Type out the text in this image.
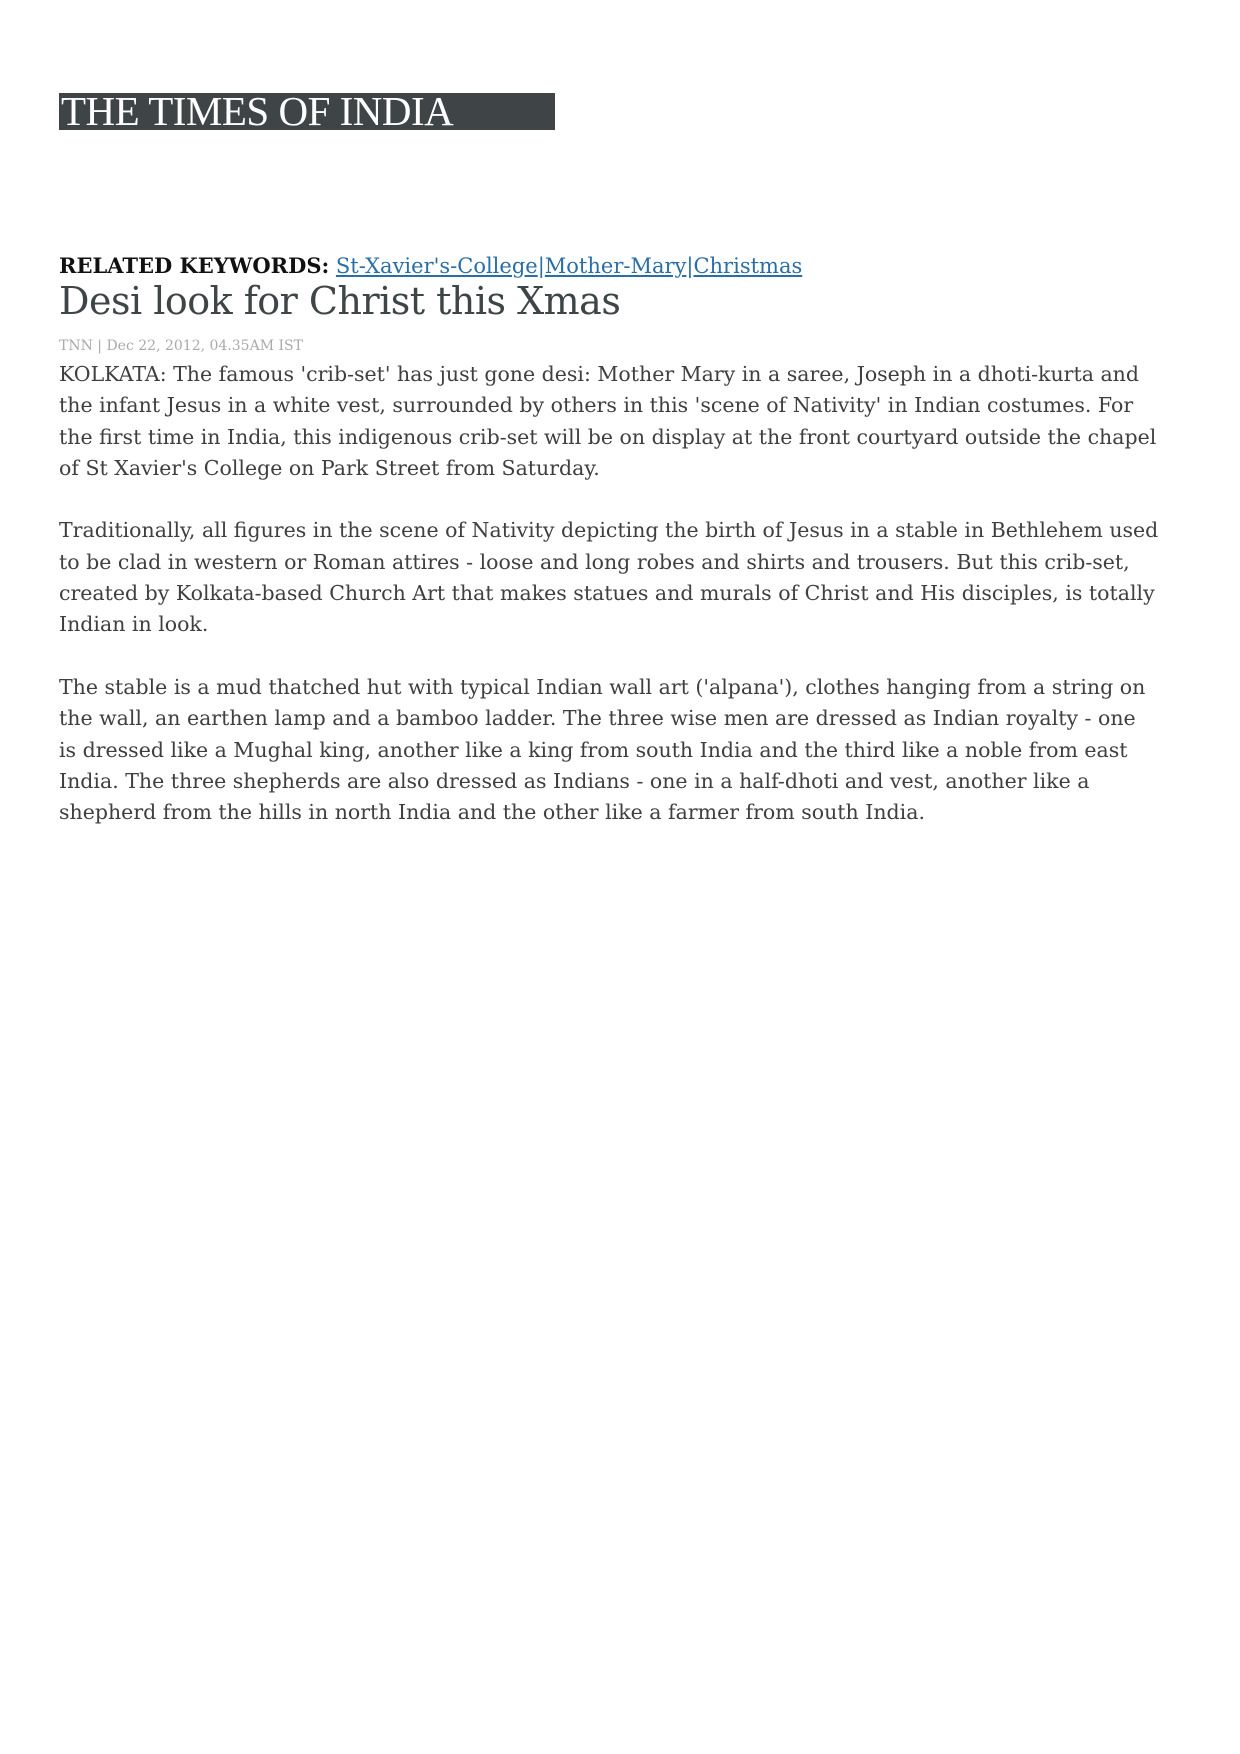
THE TIMES OF INDIA
RELATED KEYWORDS: St-Xavier's-College|Mother-Mary|Christmas
Desi look for Christ this Xmas
TNN | Dec 22, 2012, 04.35AM IST

KOLKATA: The famous 'crib-set' has just gone desi: Mother Mary in a saree, Joseph in a dhoti-kurta and the infant Jesus in a white vest, surrounded by others in this 'scene of Nativity' in Indian costumes. For the first time in India, this indigenous crib-set will be on display at the front courtyard outside the chapel of St Xavier's College on Park Street from Saturday.

Traditionally, all figures in the scene of Nativity depicting the birth of Jesus in a stable in Bethlehem used to be clad in western or Roman attires - loose and long robes and shirts and trousers. But this crib-set, created by Kolkata-based Church Art that makes statues and murals of Christ and His disciples, is totally Indian in look.

The stable is a mud thatched hut with typical Indian wall art ('alpana'), clothes hanging from a string on the wall, an earthen lamp and a bamboo ladder. The three wise men are dressed as Indian royalty - one is dressed like a Mughal king, another like a king from south India and the third like a noble from east India. The three shepherds are also dressed as Indians - one in a half-dhoti and vest, another like a shepherd from the hills in north India and the other like a farmer from south India.
